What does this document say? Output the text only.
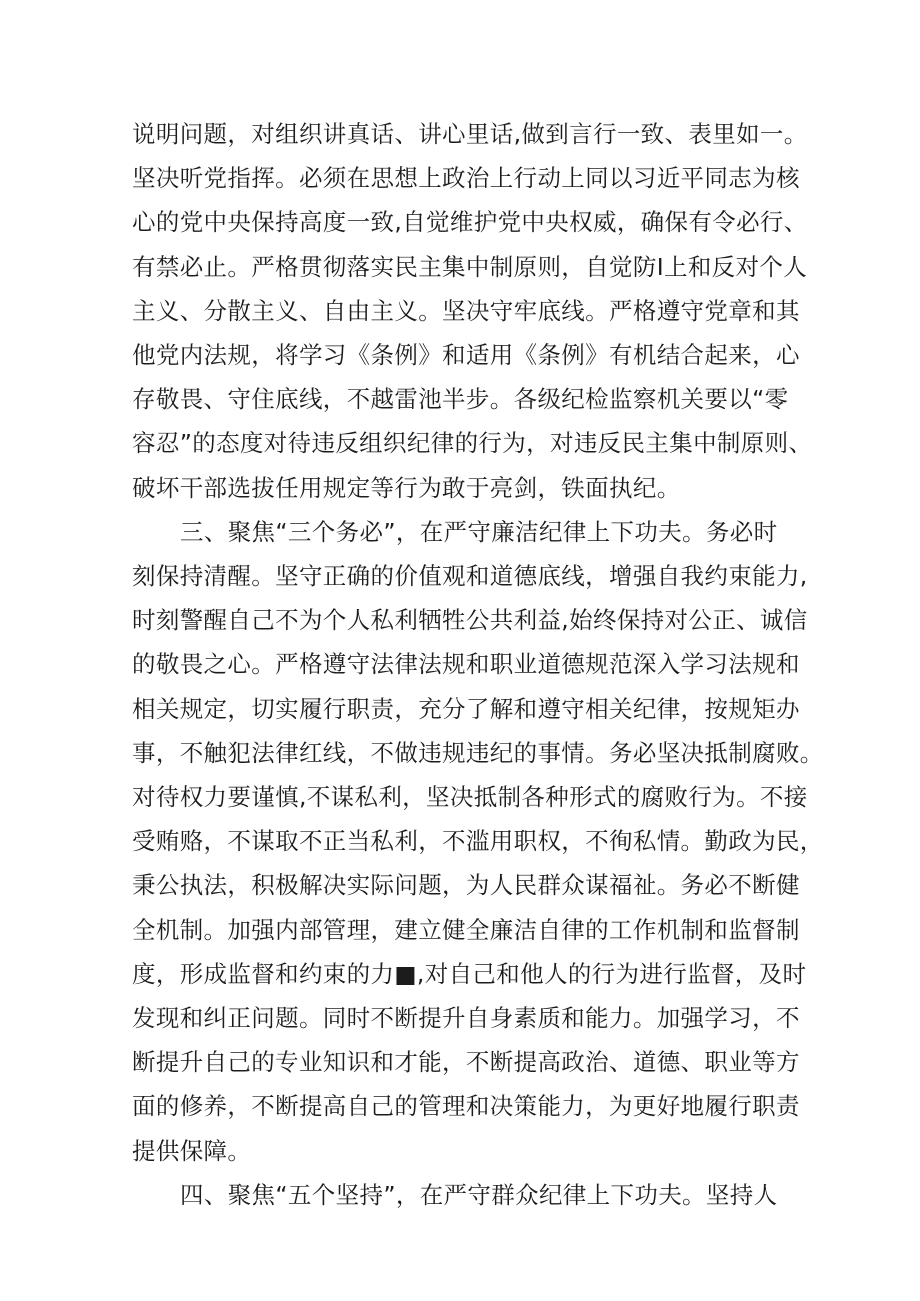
说明问题，对组织讲真话、讲心里话,做到言行一致、表里如一。
坚决听党指挥。必须在思想上政治上行动上同以习近平同志为核
心的党中央保持高度一致,自觉维护党中央权威，确保有令必行、
有禁必止。严格贯彻落实民主集中制原则，自觉防I上和反对个人
主义、分散主义、自由主义。坚决守牢底线。严格遵守党章和其
他党内法规，将学习《条例》和适用《条例》有机结合起来，心
存敬畏、守住底线，不越雷池半步。各级纪检监察机关要以“零
容忍”的态度对待违反组织纪律的行为，对违反民主集中制原则、
破坏干部选拔任用规定等行为敢于亮剑，铁面执纪。
三、聚焦“三个务必”，在严守廉洁纪律上下功夫。务必时
刻保持清醒。坚守正确的价值观和道德底线，增强自我约束能力,
时刻警醒自己不为个人私利牺牲公共利益,始终保持对公正、诚信
的敬畏之心。严格遵守法律法规和职业道德规范深入学习法规和
相关规定，切实履行职责，充分了解和遵守相关纪律，按规矩办
事，不触犯法律红线，不做违规违纪的事情。务必坚决抵制腐败。
对待权力要谨慎,不谋私利，坚决抵制各种形式的腐败行为。不接
受贿赂，不谋取不正当私利，不滥用职权，不徇私情。勤政为民，
秉公执法，积极解决实际问题，为人民群众谋福祉。务必不断健
全机制。加强内部管理，建立健全廉洁自律的工作机制和监督制
度，形成监督和约束的力■,对自己和他人的行为进行监督，及时
发现和纠正问题。同时不断提升自身素质和能力。加强学习，不
断提升自己的专业知识和才能，不断提高政治、道德、职业等方
面的修养，不断提高自己的管理和决策能力，为更好地履行职责
提供保障。
四、聚焦“五个坚持”，在严守群众纪律上下功夫。坚持人
